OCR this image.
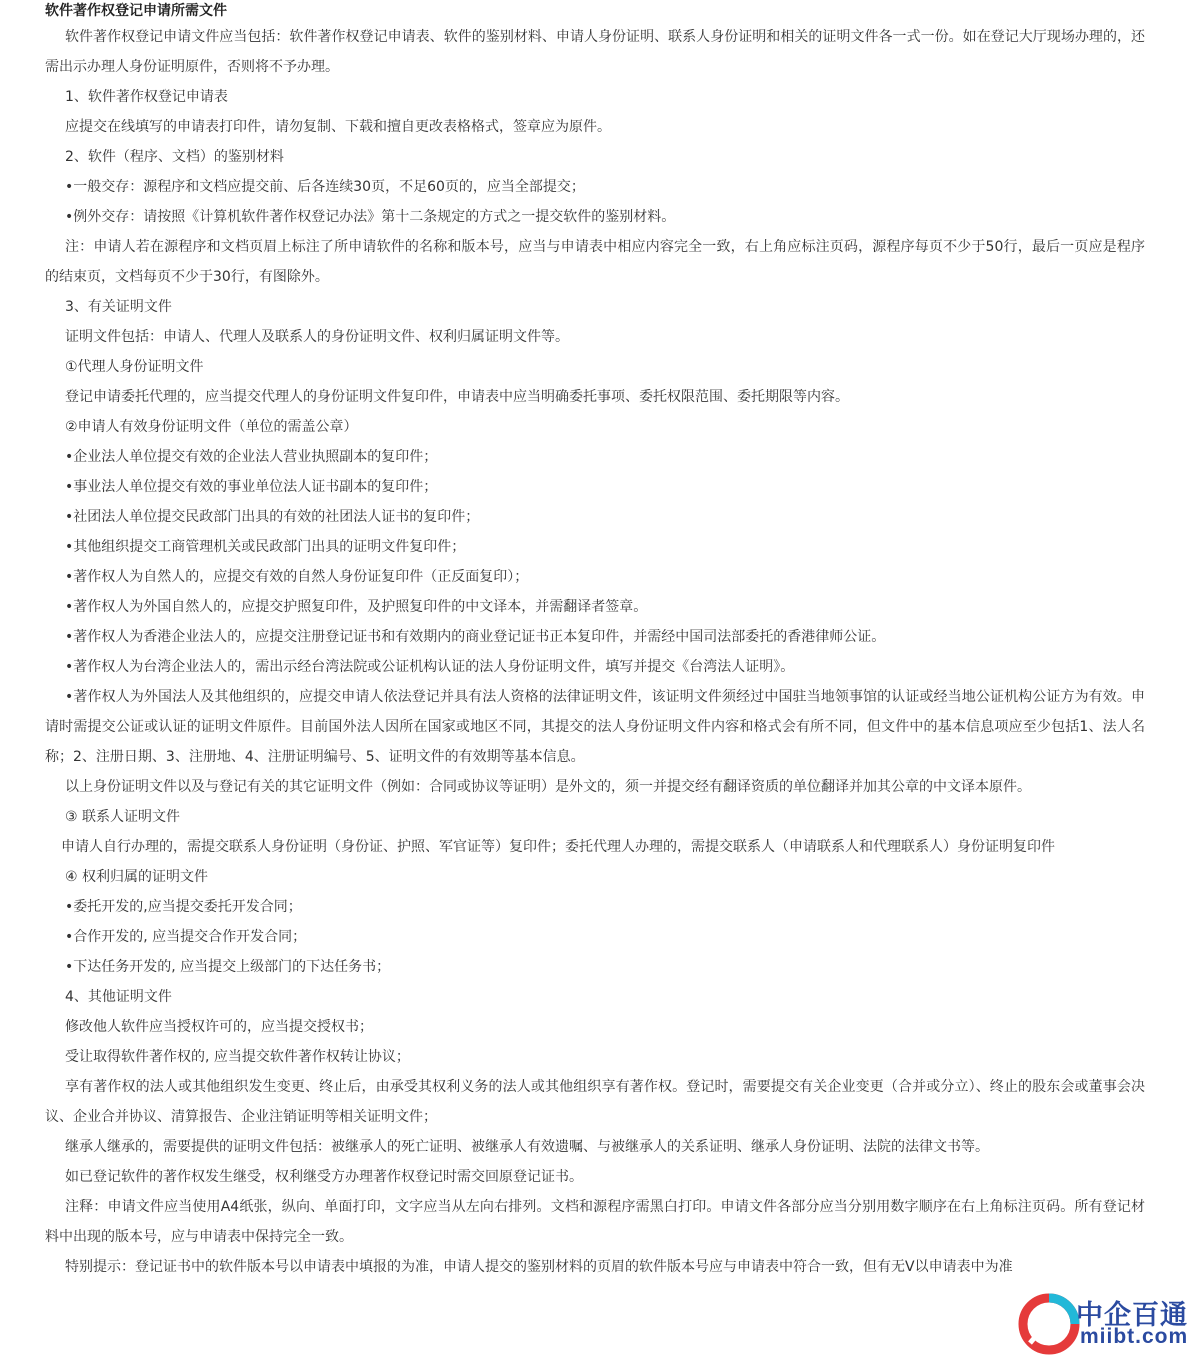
软件著作权登记申请所需文件

软件著作权登记申请文件应当包括：软件著作权登记申请表、软件的鉴别材料、申请人身份证明、联系人身份证明和相关的证明文件各一式一份。如在登记大厅现场办理的，还需出示办理人身份证明原件，否则将不予办理。

1、软件著作权登记申请表

应提交在线填写的申请表打印件，请勿复制、下载和擅自更改表格格式，签章应为原件。

2、软件（程序、文档）的鉴别材料

•一般交存：源程序和文档应提交前、后各连续30页，不足60页的，应当全部提交；

•例外交存：请按照《计算机软件著作权登记办法》第十二条规定的方式之一提交软件的鉴别材料。

注：申请人若在源程序和文档页眉上标注了所申请软件的名称和版本号，应当与申请表中相应内容完全一致，右上角应标注页码，源程序每页不少于50行，最后一页应是程序的结束页，文档每页不少于30行，有图除外。

3、有关证明文件

证明文件包括：申请人、代理人及联系人的身份证明文件、权利归属证明文件等。

①代理人身份证明文件

登记申请委托代理的，应当提交代理人的身份证明文件复印件，申请表中应当明确委托事项、委托权限范围、委托期限等内容。

②申请人有效身份证明文件（单位的需盖公章）

•企业法人单位提交有效的企业法人营业执照副本的复印件；

•事业法人单位提交有效的事业单位法人证书副本的复印件；

•社团法人单位提交民政部门出具的有效的社团法人证书的复印件；

•其他组织提交工商管理机关或民政部门出具的证明文件复印件；

•著作权人为自然人的，应提交有效的自然人身份证复印件（正反面复印）；

•著作权人为外国自然人的，应提交护照复印件，及护照复印件的中文译本，并需翻译者签章。

•著作权人为香港企业法人的，应提交注册登记证书和有效期内的商业登记证书正本复印件，并需经中国司法部委托的香港律师公证。

•著作权人为台湾企业法人的，需出示经台湾法院或公证机构认证的法人身份证明文件，填写并提交《台湾法人证明》。

•著作权人为外国法人及其他组织的，应提交申请人依法登记并具有法人资格的法律证明文件，该证明文件须经过中国驻当地领事馆的认证或经当地公证机构公证方为有效。申请时需提交公证或认证的证明文件原件。目前国外法人因所在国家或地区不同，其提交的法人身份证明文件内容和格式会有所不同，但文件中的基本信息项应至少包括1、法人名称；2、注册日期、3、注册地、4、注册证明编号、5、证明文件的有效期等基本信息。

以上身份证明文件以及与登记有关的其它证明文件（例如：合同或协议等证明）是外文的，须一并提交经有翻译资质的单位翻译并加其公章的中文译本原件。

③ 联系人证明文件

申请人自行办理的，需提交联系人身份证明（身份证、护照、军官证等）复印件；委托代理人办理的，需提交联系人（申请联系人和代理联系人）身份证明复印件

④ 权利归属的证明文件

•委托开发的,应当提交委托开发合同；

•合作开发的, 应当提交合作开发合同；

•下达任务开发的, 应当提交上级部门的下达任务书；

4、其他证明文件

修改他人软件应当授权许可的，应当提交授权书；

受让取得软件著作权的, 应当提交软件著作权转让协议；

享有著作权的法人或其他组织发生变更、终止后，由承受其权利义务的法人或其他组织享有著作权。登记时，需要提交有关企业变更（合并或分立）、终止的股东会或董事会决议、企业合并协议、清算报告、企业注销证明等相关证明文件；

继承人继承的，需要提供的证明文件包括：被继承人的死亡证明、被继承人有效遗嘱、与被继承人的关系证明、继承人身份证明、法院的法律文书等。

如已登记软件的著作权发生继受，权利继受方办理著作权登记时需交回原登记证书。

注释：申请文件应当使用A4纸张，纵向、单面打印，文字应当从左向右排列。文档和源程序需黑白打印。申请文件各部分应当分别用数字顺序在右上角标注页码。所有登记材料中出现的版本号，应与申请表中保持完全一致。

特别提示：登记证书中的软件版本号以申请表中填报的为准，申请人提交的鉴别材料的页眉的软件版本号应与申请表中符合一致，但有无V以申请表中为准

中企百通
miibt.com
